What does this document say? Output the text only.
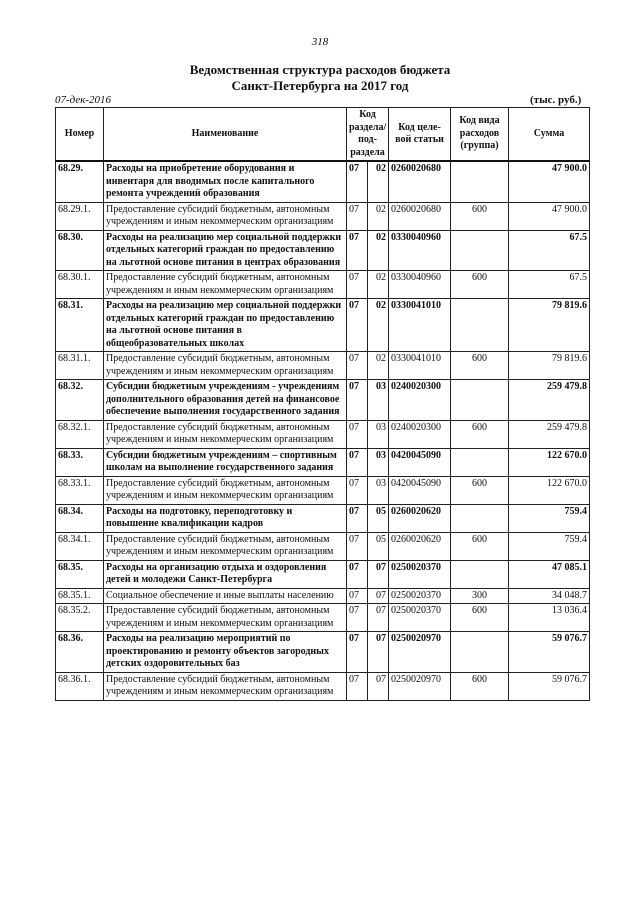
318
Ведомственная структура расходов бюджета
Санкт-Петербурга на 2017 год
07-дек-2016	(тыс. руб.)
Номер	Наименование	Код раздела/ под- раздела		Код целе- вой статьи	Код вида расходов (группа)	Сумма
68.29.	Расходы на приобретение оборудования и инвентаря для вводимых после капитального ремонта учреждений образования	07	02	0260020680		47 900.0
68.29.1.	Предоставление субсидий бюджетным, автономным учреждениям и иным некоммерческим организациям	07	02	0260020680	600	47 900.0
68.30.	Расходы на реализацию мер социальной поддержки отдельных категорий граждан по предоставлению на льготной основе питания в центрах образования	07	02	0330040960		67.5
68.30.1.	Предоставление субсидий бюджетным, автономным учреждениям и иным некоммерческим организациям	07	02	0330040960	600	67.5
68.31.	Расходы на реализацию мер социальной поддержки отдельных категорий граждан по предоставлению на льготной основе питания в общеобразовательных школах	07	02	0330041010		79 819.6
68.31.1.	Предоставление субсидий бюджетным, автономным учреждениям и иным некоммерческим организациям	07	02	0330041010	600	79 819.6
68.32.	Субсидии бюджетным учреждениям - учреждениям дополнительного образования детей на финансовое обеспечение выполнения государственного задания	07	03	0240020300		259 479.8
68.32.1.	Предоставление субсидий бюджетным, автономным учреждениям и иным некоммерческим организациям	07	03	0240020300	600	259 479.8
68.33.	Субсидии бюджетным учреждениям – спортивным школам на выполнение государственного задания	07	03	0420045090		122 670.0
68.33.1.	Предоставление субсидий бюджетным, автономным учреждениям и иным некоммерческим организациям	07	03	0420045090	600	122 670.0
68.34.	Расходы на подготовку, переподготовку и повышение квалификации кадров	07	05	0260020620		759.4
68.34.1.	Предоставление субсидий бюджетным, автономным учреждениям и иным некоммерческим организациям	07	05	0260020620	600	759.4
68.35.	Расходы на организацию отдыха и оздоровления детей и молодежи Санкт-Петербурга	07	07	0250020370		47 085.1
68.35.1.	Социальное обеспечение и иные выплаты населению	07	07	0250020370	300	34 048.7
68.35.2.	Предоставление субсидий бюджетным, автономным учреждениям и иным некоммерческим организациям	07	07	0250020370	600	13 036.4
68.36.	Расходы на реализацию мероприятий по проектированию и ремонту объектов загородных детских оздоровительных баз	07	07	0250020970		59 076.7
68.36.1.	Предоставление субсидий бюджетным, автономным учреждениям и иным некоммерческим организациям	07	07	0250020970	600	59 076.7
